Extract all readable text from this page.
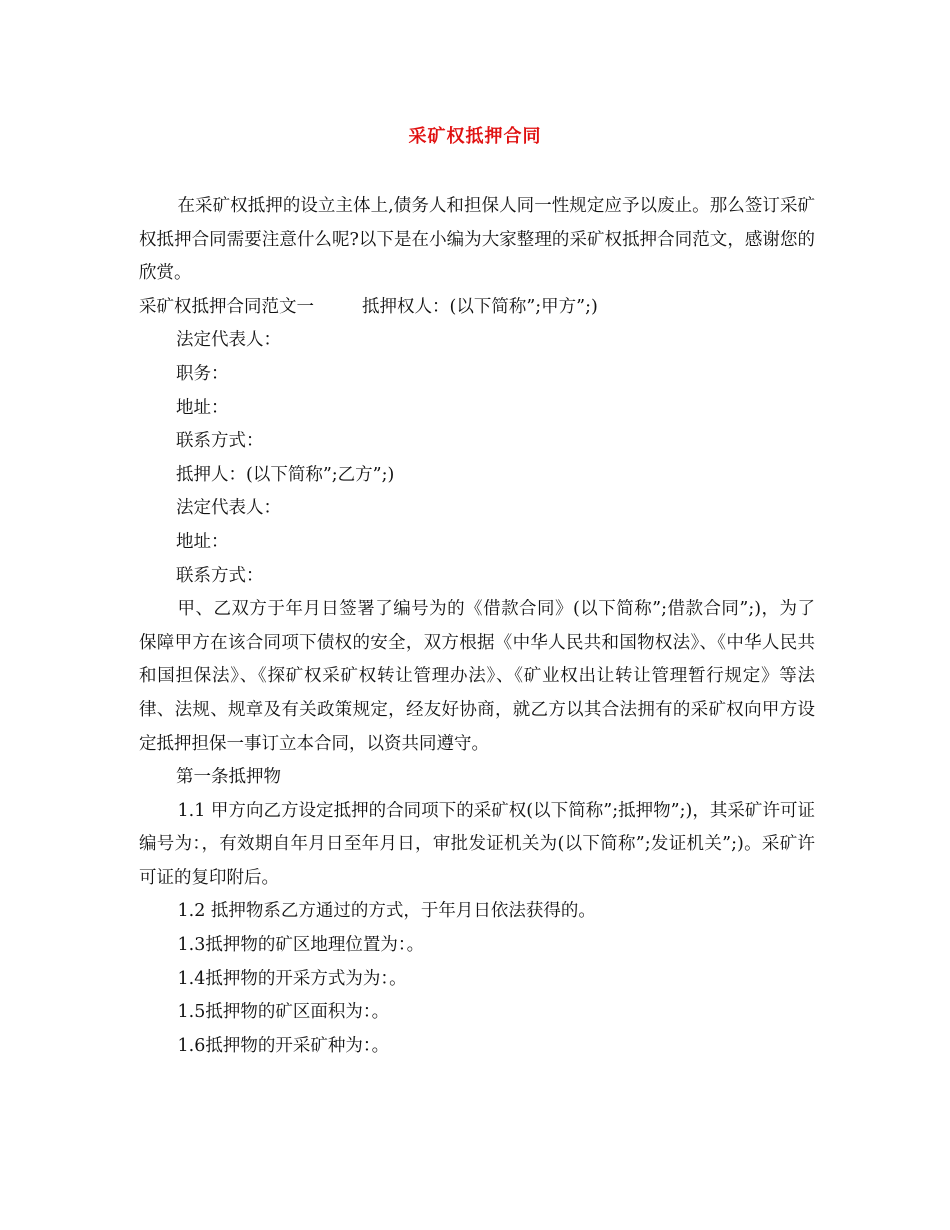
采矿权抵押合同

在采矿权抵押的设立主体上,债务人和担保人同一性规定应予以废止。那么签订采矿权抵押合同需要注意什么呢?以下是在小编为大家整理的采矿权抵押合同范文，感谢您的欣赏。

采矿权抵押合同范文一	抵押权人：(以下简称”;甲方”;)

法定代表人：

职务：

地址：

联系方式：

抵押人：(以下简称”;乙方”;)

法定代表人：

地址：

联系方式：

甲、乙双方于年月日签署了编号为的《借款合同》(以下简称”;借款合同”;)，为了保障甲方在该合同项下债权的安全，双方根据《中华人民共和国物权法》、《中华人民共和国担保法》、《探矿权采矿权转让管理办法》、《矿业权出让转让管理暂行规定》等法律、法规、规章及有关政策规定，经友好协商，就乙方以其合法拥有的采矿权向甲方设定抵押担保一事订立本合同，以资共同遵守。

第一条抵押物

1.1 甲方向乙方设定抵押的合同项下的采矿权(以下简称”;抵押物”;)，其采矿许可证编号为：，有效期自年月日至年月日，审批发证机关为(以下简称”;发证机关”;)。采矿许可证的复印附后。

1.2 抵押物系乙方通过的方式，于年月日依法获得的。

1.3抵押物的矿区地理位置为：。

1.4抵押物的开采方式为为：。

1.5抵押物的矿区面积为：。

1.6抵押物的开采矿种为：。
